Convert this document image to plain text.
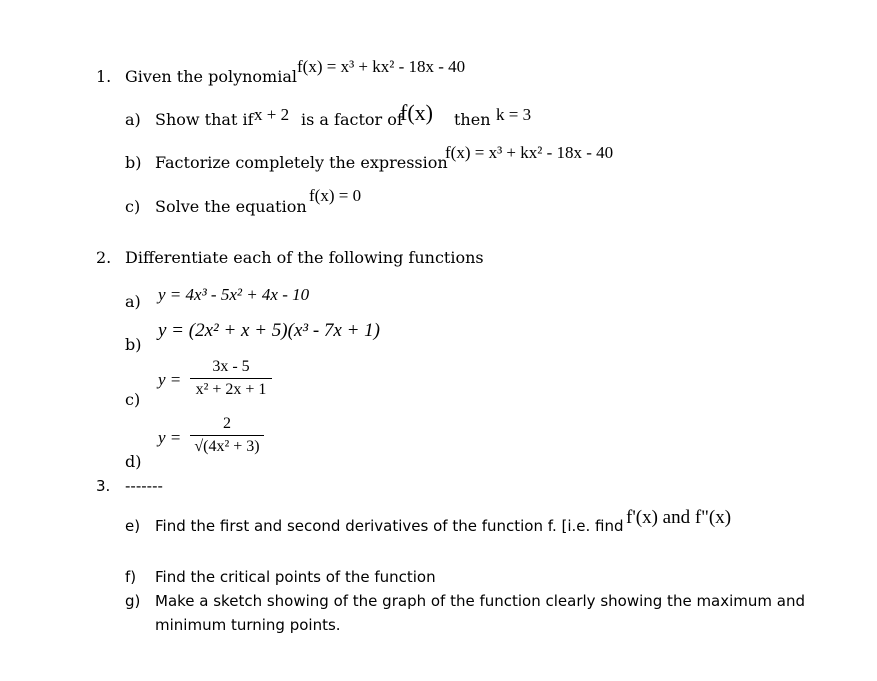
1. Given the polynomial
f(x) = x³ + kx² - 18x - 40
a) Show that if x + 2 is a factor of
f(x) then k = 3
b) Factorize completely the expression
f(x) = x³ + kx² - 18x - 40
c) Solve the equation
f(x) = 0
2. Differentiate each of the following functions
a) y = 4x³ - 5x² + 4x - 10
b)
y = (2x² + x + 5)(x³ - 7x + 1)
c)
y =
3x - 5
x² + 2x + 1
d)
y =
2
√(4x² + 3)
3. -------
e) Find the first and second derivatives of the function f. [i.e. find f'(x) and f"(x)
f) Find the critical points of the function
g) Make a sketch showing of the graph of the function clearly showing the maximum and
minimum turning points.
